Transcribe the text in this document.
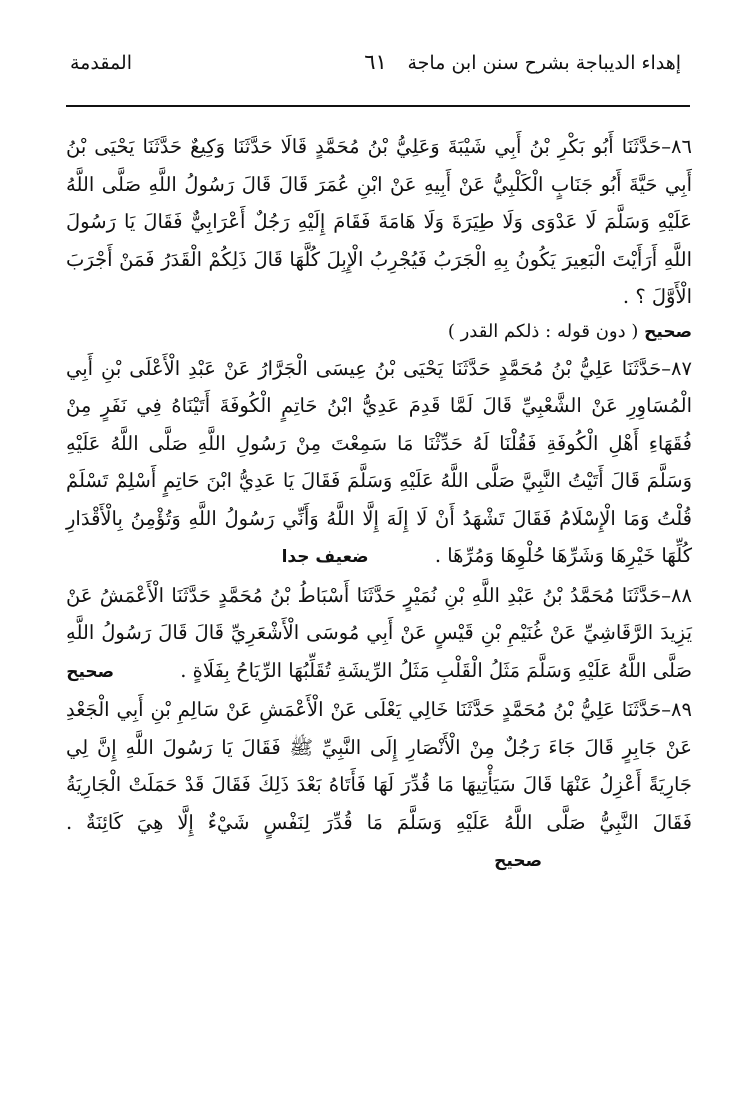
إهداء الديباجة بشرح سنن ابن ماجة
٦١
المقدمة

٨٦–حَدَّثَنَا أَبُو بَكْرِ بْنُ أَبِي شَيْبَةَ وَعَلِيُّ بْنُ مُحَمَّدٍ قَالَا حَدَّثَنَا وَكِيعٌ حَدَّثَنَا يَحْيَى بْنُ أَبِي حَيَّةَ أَبُو جَنَابٍ الْكَلْبِيُّ عَنْ أَبِيهِ عَنْ ابْنِ عُمَرَ قَالَ قَالَ رَسُولُ اللَّهِ صَلَّى اللَّهُ عَلَيْهِ وَسَلَّمَ لَا عَدْوَى وَلَا طِيَرَةَ وَلَا هَامَةَ فَقَامَ إِلَيْهِ رَجُلٌ أَعْرَابِيٌّ فَقَالَ يَا رَسُولَ اللَّهِ أَرَأَيْتَ الْبَعِيرَ يَكُونُ بِهِ الْجَرَبُ فَيُجْرِبُ الْإِبِلَ كُلَّهَا قَالَ ذَلِكُمْ الْقَدَرُ فَمَنْ أَجْرَبَ الْأَوَّلَ ؟ .

صحيح ( دون قوله : ذلكم القدر )

٨٧–حَدَّثَنَا عَلِيُّ بْنُ مُحَمَّدٍ حَدَّثَنَا يَحْيَى بْنُ عِيسَى الْجَرَّارُ عَنْ عَبْدِ الْأَعْلَى بْنِ أَبِي الْمُسَاوِرِ عَنْ الشَّعْبِيِّ قَالَ لَمَّا قَدِمَ عَدِيُّ ابْنُ حَاتِمٍ الْكُوفَةَ أَتَيْنَاهُ فِي نَفَرٍ مِنْ فُقَهَاءِ أَهْلِ الْكُوفَةِ فَقُلْنَا لَهُ حَدِّثْنَا مَا سَمِعْتَ مِنْ رَسُولِ اللَّهِ صَلَّى اللَّهُ عَلَيْهِ وَسَلَّمَ قَالَ أَتَيْتُ النَّبِيَّ صَلَّى اللَّهُ عَلَيْهِ وَسَلَّمَ فَقَالَ يَا عَدِيُّ ابْنَ حَاتِمٍ أَسْلِمْ تَسْلَمْ قُلْتُ وَمَا الْإِسْلَامُ فَقَالَ تَشْهَدُ أَنْ لَا إِلَهَ إِلَّا اللَّهُ وَأَنِّي رَسُولُ اللَّهِ وَتُؤْمِنُ بِالْأَقْدَارِ كُلِّهَا خَيْرِهَا وَشَرِّهَا حُلْوِهَا وَمُرِّهَا . ضعيف جدا

٨٨–حَدَّثَنَا مُحَمَّدُ بْنُ عَبْدِ اللَّهِ بْنِ نُمَيْرٍ حَدَّثَنَا أَسْبَاطُ بْنُ مُحَمَّدٍ حَدَّثَنَا الْأَعْمَشُ عَنْ يَزِيدَ الرَّقَاشِيِّ عَنْ غُنَيْمِ بْنِ قَيْسٍ عَنْ أَبِي مُوسَى الْأَشْعَرِيِّ قَالَ قَالَ رَسُولُ اللَّهِ صَلَّى اللَّهُ عَلَيْهِ وَسَلَّمَ مَثَلُ الْقَلْبِ مَثَلُ الرِّيشَةِ تُقَلِّبُهَا الرِّيَاحُ بِفَلَاةٍ . صحيح

٨٩–حَدَّثَنَا عَلِيُّ بْنُ مُحَمَّدٍ حَدَّثَنَا خَالِي يَعْلَى عَنْ الْأَعْمَشِ عَنْ سَالِمِ بْنِ أَبِي الْجَعْدِ عَنْ جَابِرٍ قَالَ جَاءَ رَجُلٌ مِنْ الْأَنْصَارِ إِلَى النَّبِيِّ ﷺ فَقَالَ يَا رَسُولَ اللَّهِ إِنَّ لِي جَارِيَةً أَعْزِلُ عَنْهَا قَالَ سَيَأْتِيهَا مَا قُدِّرَ لَهَا فَأَتَاهُ بَعْدَ ذَلِكَ فَقَالَ قَدْ حَمَلَتْ الْجَارِيَةُ فَقَالَ النَّبِيُّ صَلَّى اللَّهُ عَلَيْهِ وَسَلَّمَ مَا قُدِّرَ لِنَفْسٍ شَيْءٌ إِلَّا هِيَ كَائِنَةٌ . صحيح
